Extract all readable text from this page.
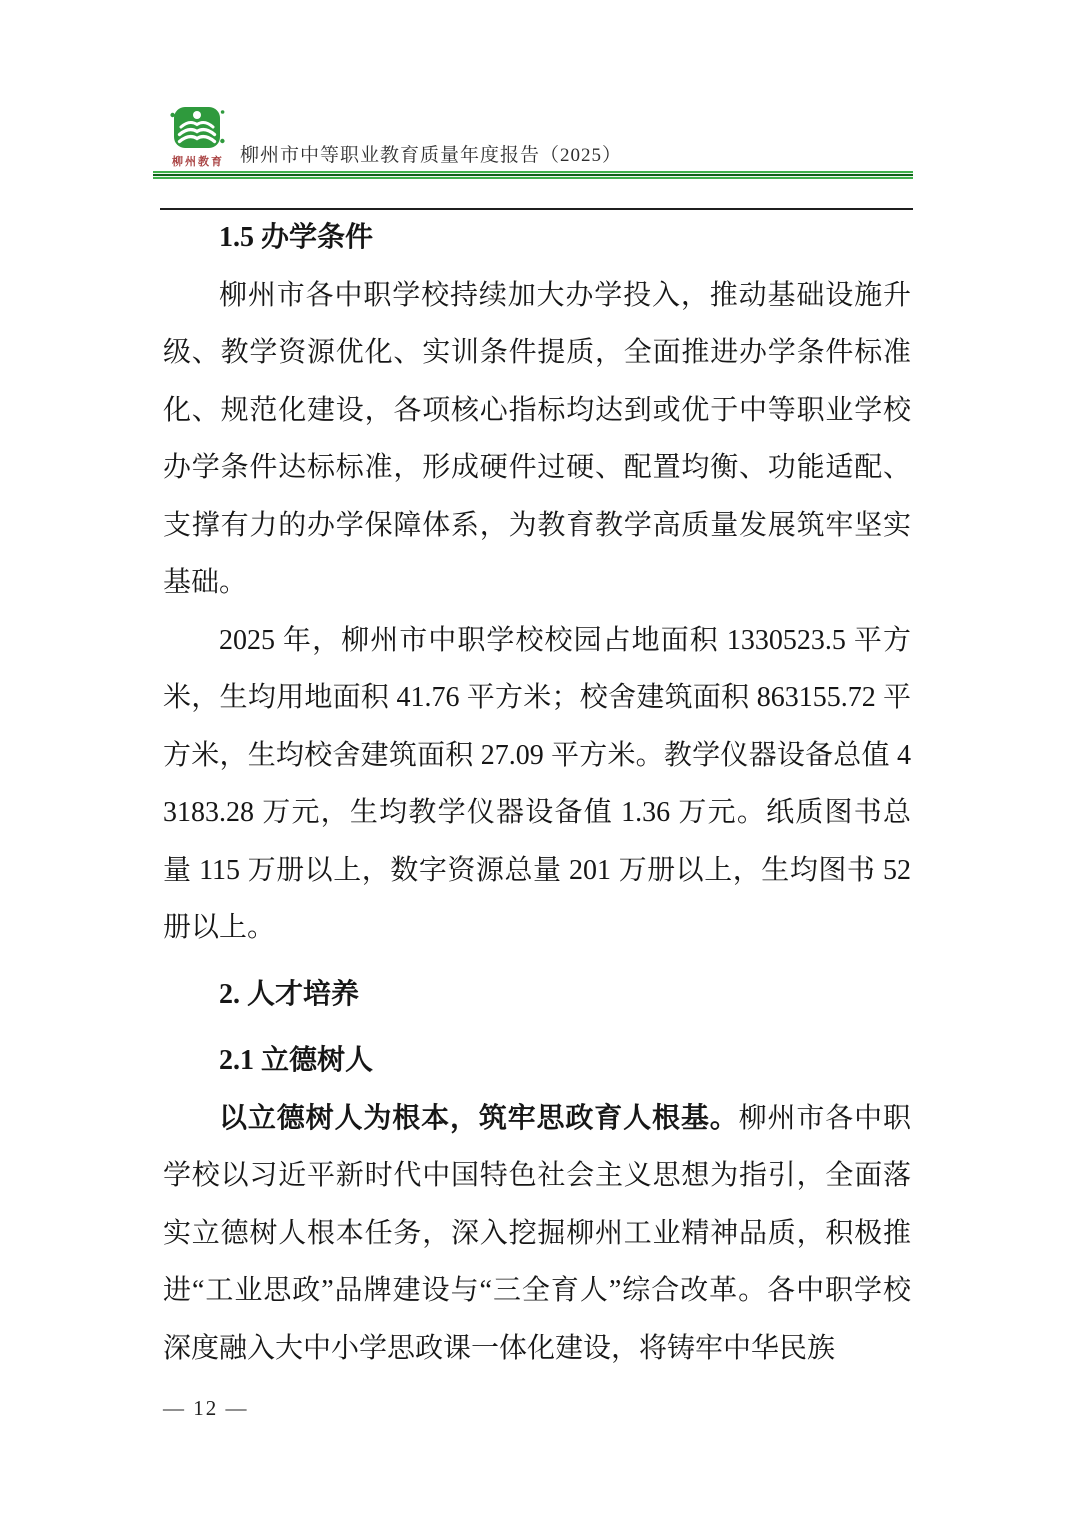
柳州教育 柳州市中等职业教育质量年度报告（2025）
1.5 办学条件

柳州市各中职学校持续加大办学投入，推动基础设施升级、教学资源优化、实训条件提质，全面推进办学条件标准化、规范化建设，各项核心指标均达到或优于中等职业学校办学条件达标标准，形成硬件过硬、配置均衡、功能适配、支撑有力的办学保障体系，为教育教学高质量发展筑牢坚实基础。

2025 年，柳州市中职学校校园占地面积 1330523.5 平方米，生均用地面积 41.76 平方米；校舍建筑面积 863155.72 平方米，生均校舍建筑面积 27.09 平方米。教学仪器设备总值 43183.28 万元，生均教学仪器设备值 1.36 万元。纸质图书总量 115 万册以上，数字资源总量 201 万册以上，生均图书 52 册以上。

2. 人才培养
2.1 立德树人

以立德树人为根本，筑牢思政育人根基。柳州市各中职学校以习近平新时代中国特色社会主义思想为指引，全面落实立德树人根本任务，深入挖掘柳州工业精神品质，积极推进“工业思政”品牌建设与“三全育人”综合改革。各中职学校深度融入大中小学思政课一体化建设，将铸牢中华民族

— 12 —
